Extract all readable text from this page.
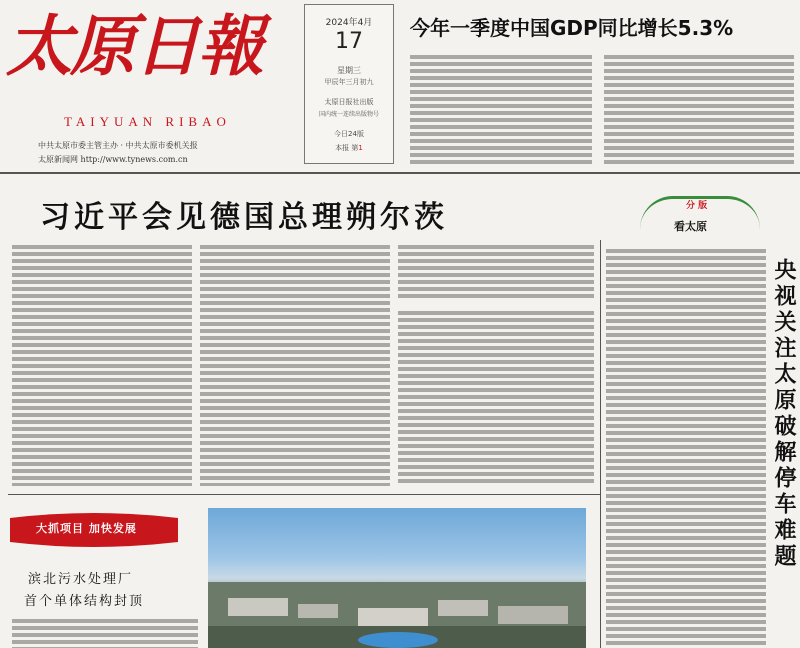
太原日報
TAIYUAN RIBAO
中共太原市委主管主办 · 中共太原市委机关报
太原新闻网 http://www.tynews.com.cn
2024年4月
17
星期三
甲辰年三月初九
太原日报社出版
国内统一连续出版物号
今日24版
本报 第1
今年一季度中国GDP同比增长5.3%
习近平会见德国总理朔尔茨	分 版
看太原
央视关注太原破解停车难题
大抓项目 加快发展
滨北污水处理厂
首个单体结构封顶
